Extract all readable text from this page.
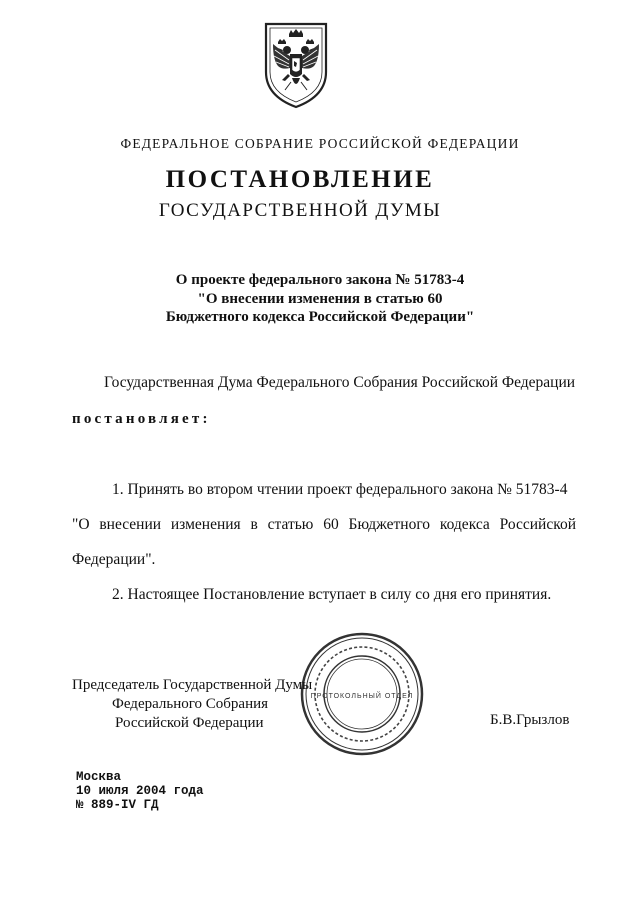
ФЕДЕРАЛЬНОЕ СОБРАНИЕ РОССИЙСКОЙ ФЕДЕРАЦИИ
ПОСТАНОВЛЕНИЕ
ГОСУДАРСТВЕННОЙ ДУМЫ
О проекте федерального закона № 51783-4
"О внесении изменения в статью 60
Бюджетного кодекса Российской Федерации"
Государственная Дума Федерального Собрания Российской Федерации
постановляет:
1. Принять во втором чтении проект федерального закона № 51783-4
"О внесении изменения в статью 60 Бюджетного кодекса Российской
Федерации".
2. Настоящее Постановление вступает в силу со дня его принятия.
ПРОТОКОЛЬНЫЙ ОТДЕЛ
Председатель Государственной Думы
Федерального Собрания
Российской Федерации	Б.В.Грызлов
Москва
10 июля 2004 года
№ 889-IV ГД
